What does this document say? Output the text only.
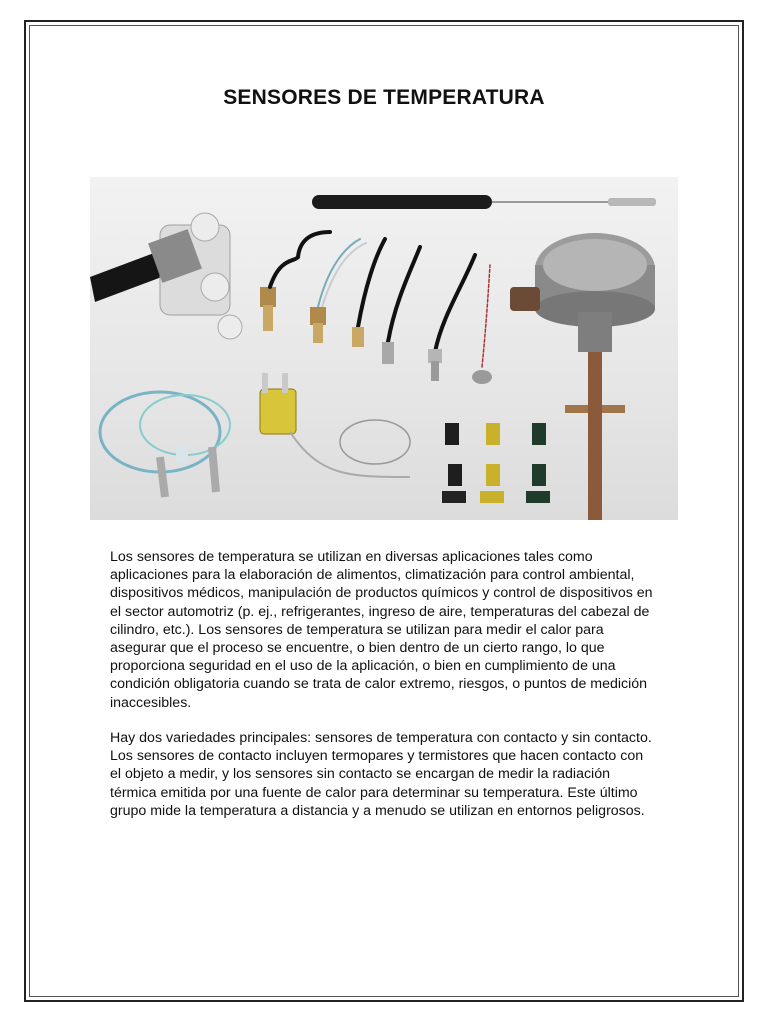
SENSORES DE TEMPERATURA

Los sensores de temperatura se utilizan en diversas aplicaciones tales como aplicaciones para la elaboración de alimentos, climatización para control ambiental, dispositivos médicos, manipulación de productos químicos y control de dispositivos en el sector automotriz (p. ej., refrigerantes, ingreso de aire, temperaturas del cabezal de cilindro, etc.). Los sensores de temperatura se utilizan para medir el calor para asegurar que el proceso se encuentre, o bien dentro de un cierto rango, lo que proporciona seguridad en el uso de la aplicación, o bien en cumplimiento de una condición obligatoria cuando se trata de calor extremo, riesgos, o puntos de medición inaccesibles.

Hay dos variedades principales: sensores de temperatura con contacto y sin contacto. Los sensores de contacto incluyen termopares y termistores que hacen contacto con el objeto a medir, y los sensores sin contacto se encargan de medir la radiación térmica emitida por una fuente de calor para determinar su temperatura. Este último grupo mide la temperatura a distancia y a menudo se utilizan en entornos peligrosos.
